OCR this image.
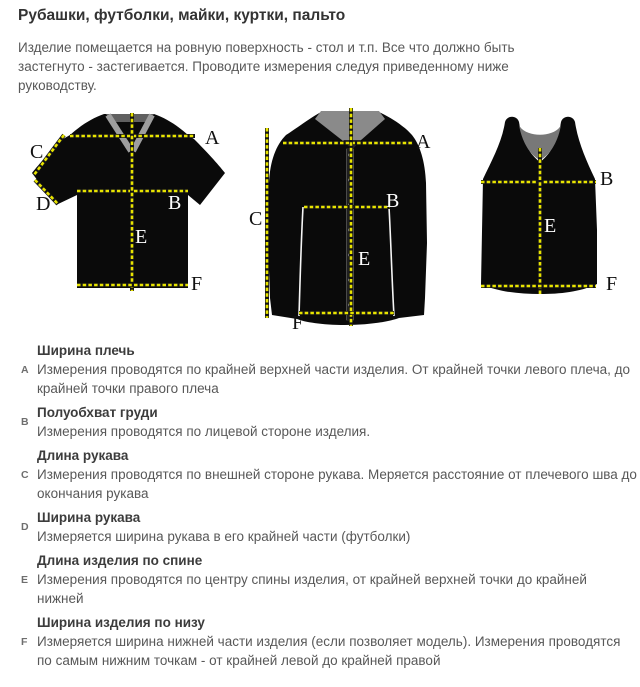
Рубашки, футболки, майки, куртки, пальто
Изделие помещается на ровную поверхность - стол и т.п. Все что должно быть застегнуто - застегивается. Проводите измерения следуя приведенному ниже руководству.
A
B
C
D
E
F
A
B
C
E
F
B
E
F
A
Ширина плечь
Измерения проводятся по крайней верхней части изделия. От крайней точки левого плеча, до крайней точки правого плеча
B
Полуобхват груди
Измерения проводятся по лицевой стороне изделия.
C
Длина рукава
Измерения проводятся по внешней стороне рукава. Меряется расстояние от плечевого шва до окончания рукава
D
Ширина рукава
Измеряется ширина рукава в его крайней части (футболки)
E
Длина изделия по спине
Измерения проводятся по центру спины изделия, от крайней верхней точки до крайней нижней
F
Ширина изделия по низу
Измеряется ширина нижней части изделия (если позволяет модель). Измерения проводятся по самым нижним точкам - от крайней левой до крайней правой
